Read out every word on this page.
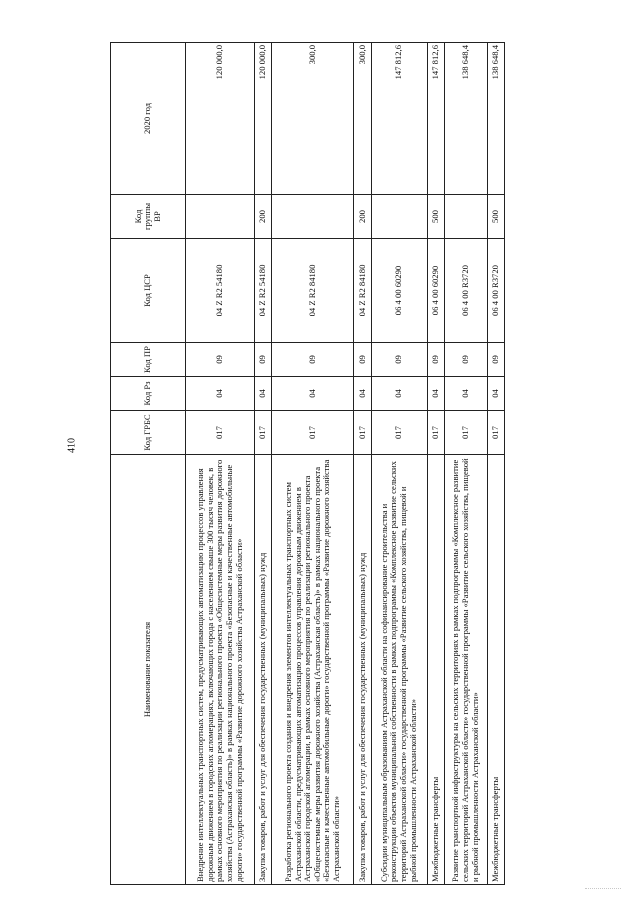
410
Наименование показателя	Код ГРБС	Код Рз	Код ПР	Код ЦСР	Код группы ВР	2020 год
Внедрение интеллектуальных транспортных систем, предусматривающих автоматизацию процессов управления дорожным движением в городских агломерациях, включающих города с населением свыше 300 тысяч человек, в рамках основного мероприятия по реализации регионального проекта «Общесистемные меры развития дорожного хозяйства (Астраханская область)» в рамках национального проекта «Безопасные и качественные автомобильные дороги» государственной программы «Развитие дорожного хозяйства Астраханской области»	017	04	09	04 Z R2 54180		120 000,0
Закупка товаров, работ и услуг для обеспечения государственных (муниципальных) нужд	017	04	09	04 Z R2 54180	200	120 000,0
Разработка регионального проекта создания и внедрения элементов интеллектуальных транспортных систем Астраханской области, предусматривающих автоматизацию процессов управления дорожным движением в Астраханской городской агломерации, в рамках основного мероприятия по реализации регионального проекта «Общесистемные меры развития дорожного хозяйства (Астраханская область)» в рамках национального проекта «Безопасные и качественные автомобильные дороги» государственной программы «Развитие дорожного хозяйства Астраханской области»	017	04	09	04 Z R2 84180		300,0
Закупка товаров, работ и услуг для обеспечения государственных (муниципальных) нужд	017	04	09	04 Z R2 84180	200	300,0
Субсидии муниципальным образованиям Астраханской области на софинансирование строительства и реконструкции объектов муниципальной собственности в рамках подпрограммы «Комплексное развитие сельских территорий Астраханской области» государственной программы «Развитие сельского хозяйства, пищевой и рыбной промышленности Астраханской области»	017	04	09	06 4 00 60290		147 812,6
Межбюджетные трансферты	017	04	09	06 4 00 60290	500	147 812,6
Развитие транспортной инфраструктуры на сельских территориях в рамках подпрограммы «Комплексное развитие сельских территорий Астраханской области» государственной программы «Развитие сельского хозяйства, пищевой и рыбной промышленности Астраханской области»	017	04	09	06 4 00 R3720		138 648,4
Межбюджетные трансферты	017	04	09	06 4 00 R3720	500	138 648,4
